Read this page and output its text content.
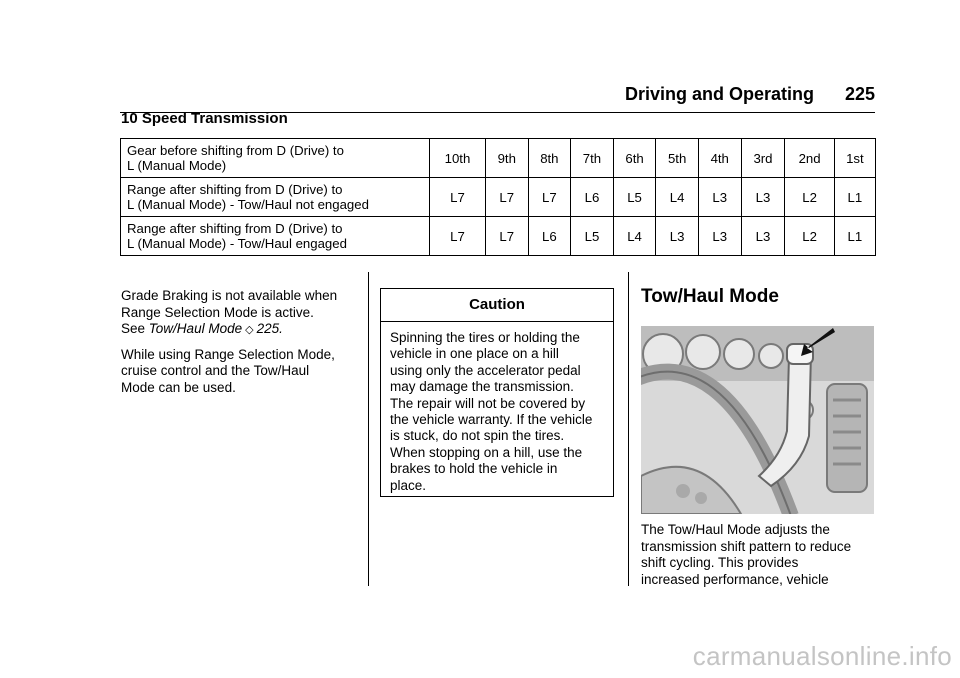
Driving and Operating 225
10 Speed Transmission
Gear before shifting from D (Drive) to
L (Manual Mode)	10th	9th	8th	7th	6th	5th	4th	3rd	2nd	1st
Range after shifting from D (Drive) to
L (Manual Mode) - Tow/Haul not engaged	L7	L7	L7	L6	L5	L4	L3	L3	L2	L1
Range after shifting from D (Drive) to
L (Manual Mode) - Tow/Haul engaged	L7	L7	L6	L5	L4	L3	L3	L3	L2	L1

Grade Braking is not available when
Range Selection Mode is active.
See Tow/Haul Mode ◇ 225.

While using Range Selection Mode,
cruise control and the Tow/Haul
Mode can be used.

Caution
Spinning the tires or holding the
vehicle in one place on a hill
using only the accelerator pedal
may damage the transmission.
The repair will not be covered by
the vehicle warranty. If the vehicle
is stuck, do not spin the tires.
When stopping on a hill, use the
brakes to hold the vehicle in
place.
Tow/Haul Mode
The Tow/Haul Mode adjusts the
transmission shift pattern to reduce
shift cycling. This provides
increased performance, vehicle
carmanualsonline.info
